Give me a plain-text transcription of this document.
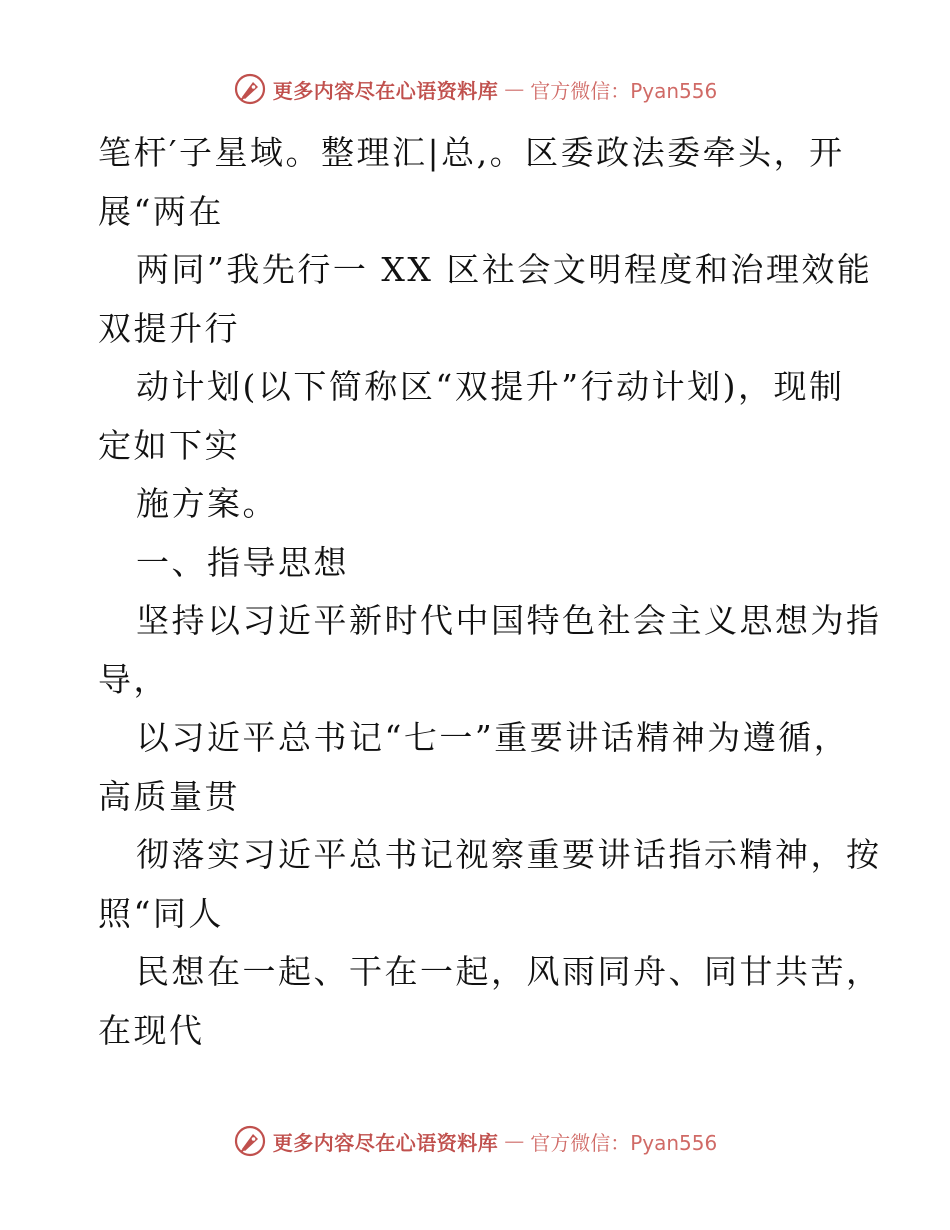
更多内容尽在心语资料库 — 官方微信：Pyan556
笔杆′子星域。整理汇|总,。区委政法委牵头，开
展“两在
两同”我先行一 XX 区社会文明程度和治理效能
双提升行
动计划(以下简称区“双提升”行动计划)，现制
定如下实
施方案。
一、指导思想
坚持以习近平新时代中国特色社会主义思想为指
导，
以习近平总书记“七一”重要讲话精神为遵循，
高质量贯
彻落实习近平总书记视察重要讲话指示精神，按
照“同人
民想在一起、干在一起，风雨同舟、同甘共苦，
在现代
更多内容尽在心语资料库 — 官方微信：Pyan556
